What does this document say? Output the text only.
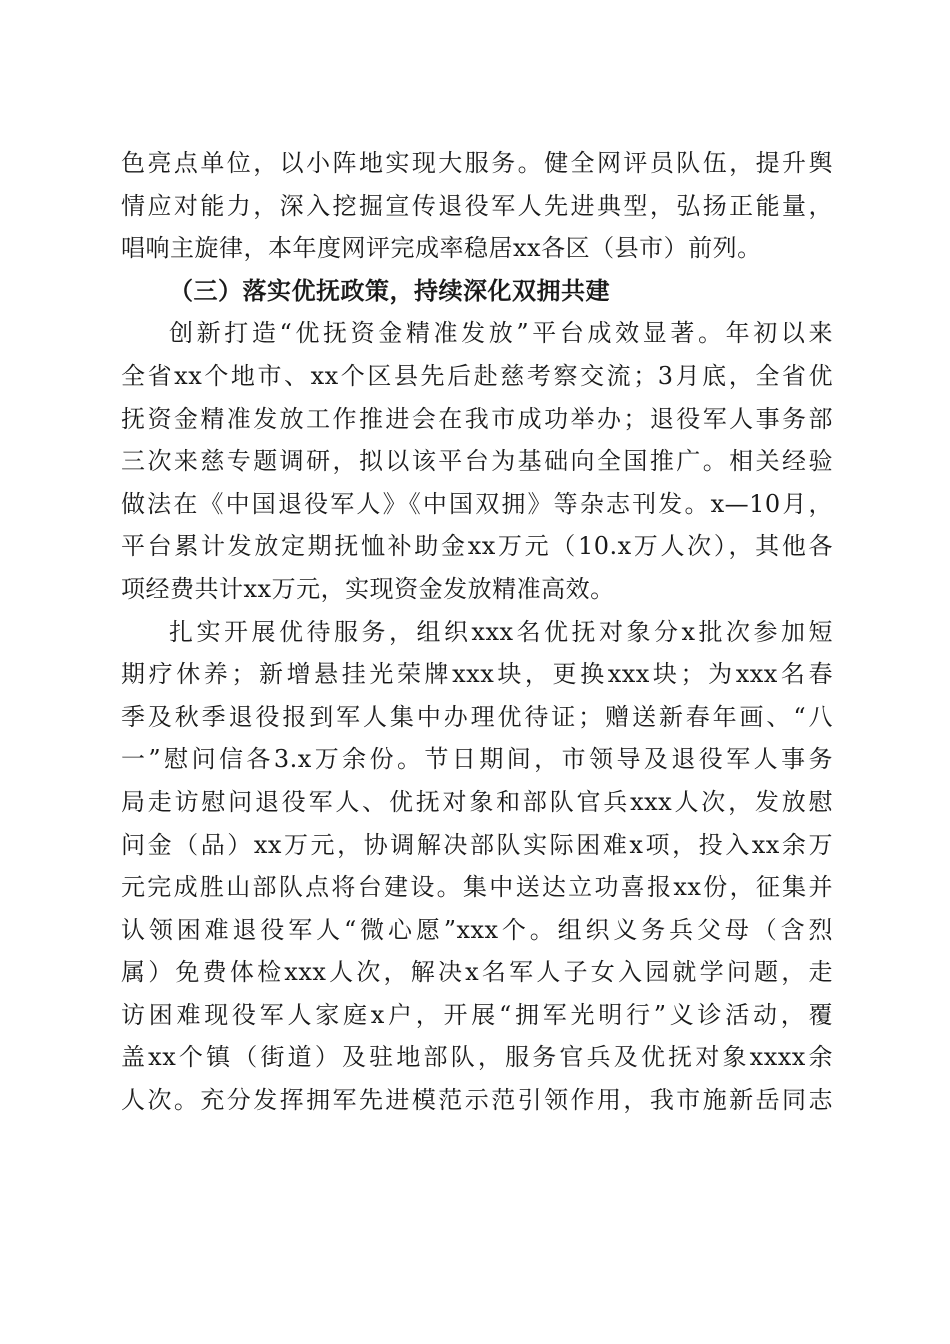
色亮点单位，以小阵地实现大服务。健全网评员队伍，提升舆
情应对能力，深入挖掘宣传退役军人先进典型，弘扬正能量，
唱响主旋律，本年度网评完成率稳居xx各区（县市）前列。
（三）落实优抚政策，持续深化双拥共建
创新打造“优抚资金精准发放”平台成效显著。年初以来
全省xx个地市、xx个区县先后赴慈考察交流；3月底，全省优
抚资金精准发放工作推进会在我市成功举办；退役军人事务部
三次来慈专题调研，拟以该平台为基础向全国推广。相关经验
做法在《中国退役军人》《中国双拥》等杂志刊发。x—10月，
平台累计发放定期抚恤补助金xx万元（10.x万人次），其他各
项经费共计xx万元，实现资金发放精准高效。
扎实开展优待服务，组织xxx名优抚对象分x批次参加短
期疗休养；新增悬挂光荣牌xxx块，更换xxx块；为xxx名春
季及秋季退役报到军人集中办理优待证；赠送新春年画、“八
一”慰问信各3.x万余份。节日期间，市领导及退役军人事务
局走访慰问退役军人、优抚对象和部队官兵xxx人次，发放慰
问金（品）xx万元，协调解决部队实际困难x项，投入xx余万
元完成胜山部队点将台建设。集中送达立功喜报xx份，征集并
认领困难退役军人“微心愿”xxx个。组织义务兵父母（含烈
属）免费体检xxx人次，解决x名军人子女入园就学问题，走
访困难现役军人家庭x户，开展“拥军光明行”义诊活动，覆
盖xx个镇（街道）及驻地部队，服务官兵及优抚对象xxxx余
人次。充分发挥拥军先进模范示范引领作用，我市施新岳同志
